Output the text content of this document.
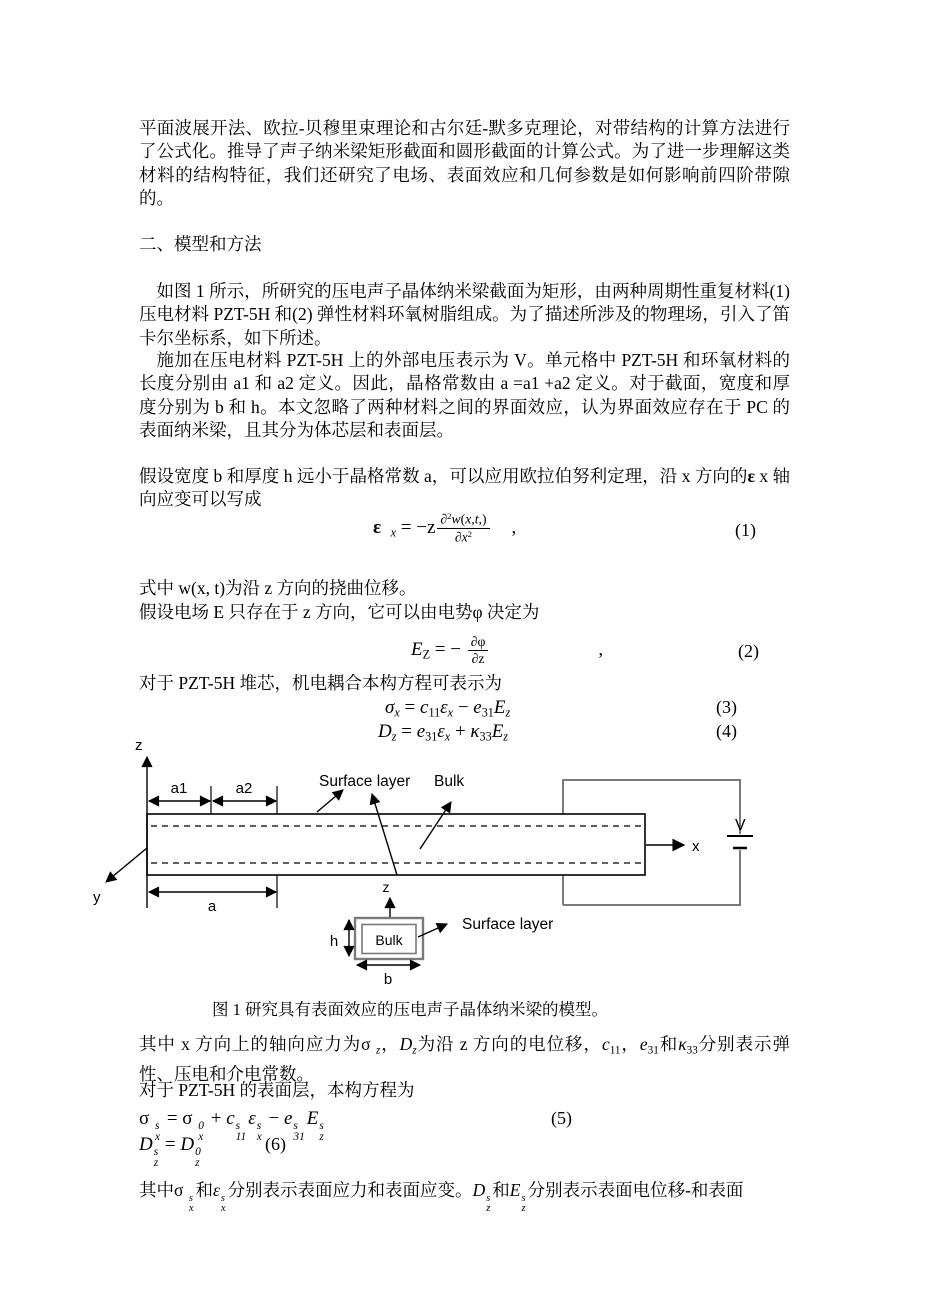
平面波展开法、欧拉-贝穆里束理论和古尔廷-默多克理论，对带结构的计算方法进行了公式化。推导了声子纳米梁矩形截面和圆形截面的计算公式。为了进一步理解这类材料的结构特征，我们还研究了电场、表面效应和几何参数是如何影响前四阶带隙的。

二、模型和方法

如图 1 所示，所研究的压电声子晶体纳米梁截面为矩形，由两种周期性重复材料(1)压电材料 PZT-5H 和(2) 弹性材料环氧树脂组成。为了描述所涉及的物理场，引入了笛卡尔坐标系，如下所述。

施加在压电材料 PZT-5H 上的外部电压表示为 V。单元格中 PZT-5H 和环氧材料的长度分别由 a1 和 a2 定义。因此，晶格常数由 a =a1 +a2 定义。对于截面，宽度和厚度分别为 b 和 h。本文忽略了两种材料之间的界面效应，认为界面效应存在于 PC 的表面纳米梁，且其分为体芯层和表面层。

假设宽度 b 和厚度 h 远小于晶格常数 a，可以应用欧拉伯努利定理，沿 x 方向的ε x 轴向应变可以写成

ε $x = -z \frac{\partial^2w(x,t,)}{\partial x^2}$ ,	(1)

式中 w(x, t)为沿 z 方向的挠曲位移。

假设电场 E 只存在于 z 方向，它可以由电势φ 决定为

EZ = − $\frac{\partial\varphi}{\partial z}$	,	(2)

对于 PZT-5H 堆芯，机电耦合本构方程可表示为

σx = c11εx − e31Ez	(3)
Dz = e31εx + κ33Ez	(4)
V
z
a1	a2
y
a
x
Surface layer Bulk
Bulk
z
h
b
Surface layer

图 1 研究具有表面效应的压电声子晶体纳米梁的模型。

其中 x 方向上的轴向应力为σ z，Dz为沿 z 方向的电位移，c11，e31和κ33分别表示弹性、压电和介电常数。

对于 PZT-5H 的表面层，本构方程为

σ s
x
= σ 0
x
+ c s
11
ε s
x
− e s
31
E s
z
(5)
D s
z
= D 0
z
(6)

其中σ s
x
和ε s
x
分别表示表面应力和表面应变。D s
z
和E s
z
分别表示表面电位移-和表面
